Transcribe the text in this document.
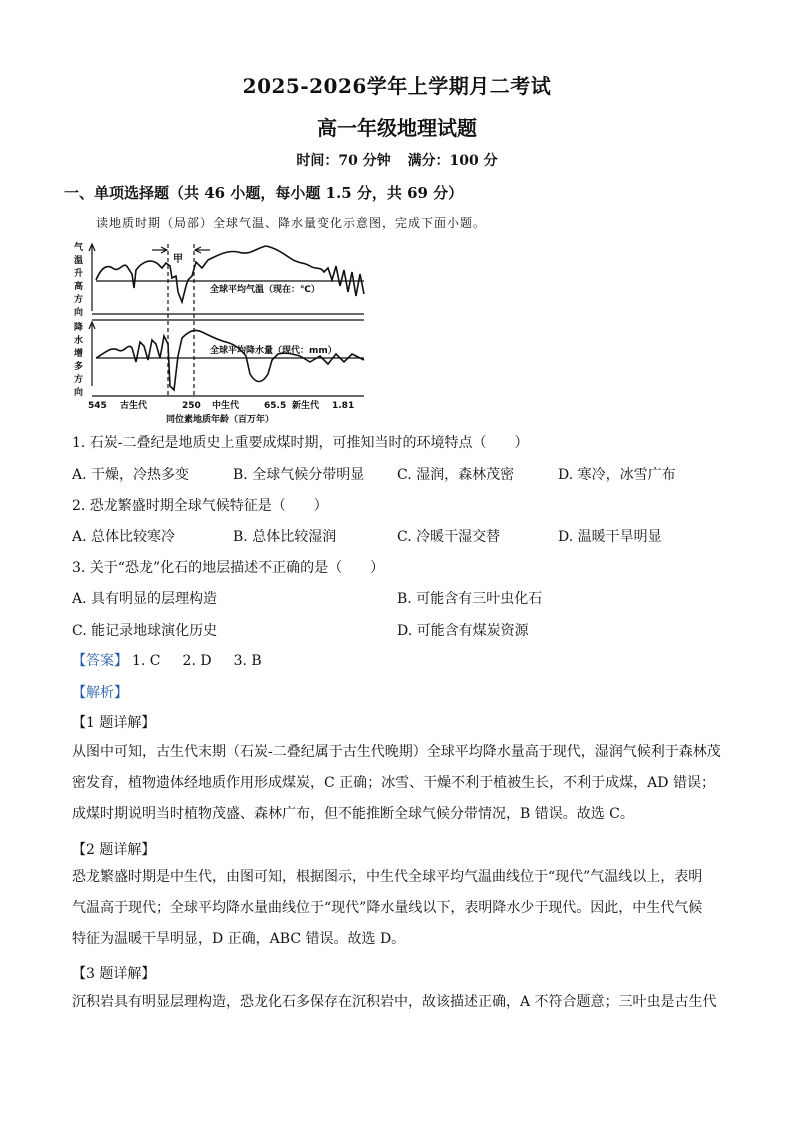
2025-2026学年上学期月二考试
高一年级地理试题
时间：70 分钟 满分：100 分
一、单项选择题（共 46 小题，每小题 1.5 分，共 69 分）
读地质时期（局部）全球气温、降水量变化示意图，完成下面小题。
气
温
升
高
方
向
降
水
增
多
方
向
甲
全球平均气温（现在：℃）
全球平均降水量（现代：mm）
545 古生代	250 中生代	65.5 新生代 1.81
同位素地质年龄（百万年）
1. 石炭-二叠纪是地质史上重要成煤时期，可推知当时的环境特点（　　）
A. 干燥，冷热多变	B. 全球气候分带明显 C. 湿润，森林茂密	D. 寒冷，冰雪广布
2. 恐龙繁盛时期全球气候特征是（　　）
A. 总体比较寒冷	B. 总体比较湿润	C. 冷暖干湿交替	D. 温暖干旱明显
3. 关于“恐龙”化石的地层描述不正确的是（　　）
A. 具有明显的层理构造	B. 可能含有三叶虫化石
C. 能记录地球演化历史	D. 可能含有煤炭资源
【答案】 1. C 2. D 3. B
【解析】
【1 题详解】
从图中可知，古生代末期（石炭-二叠纪属于古生代晚期）全球平均降水量高于现代，湿润气候利于森林茂
密发育，植物遗体经地质作用形成煤炭，C 正确；冰雪、干燥不利于植被生长，不利于成煤，AD 错误；
成煤时期说明当时植物茂盛、森林广布，但不能推断全球气候分带情况，B 错误。故选 C。
【2 题详解】
恐龙繁盛时期是中生代，由图可知，根据图示，中生代全球平均气温曲线位于“现代”气温线以上，表明
气温高于现代；全球平均降水量曲线位于“现代”降水量线以下，表明降水少于现代。因此，中生代气候
特征为温暖干旱明显，D 正确，ABC 错误。故选 D。
【3 题详解】
沉积岩具有明显层理构造，恐龙化石多保存在沉积岩中，故该描述正确，A 不符合题意；三叶虫是古生代
